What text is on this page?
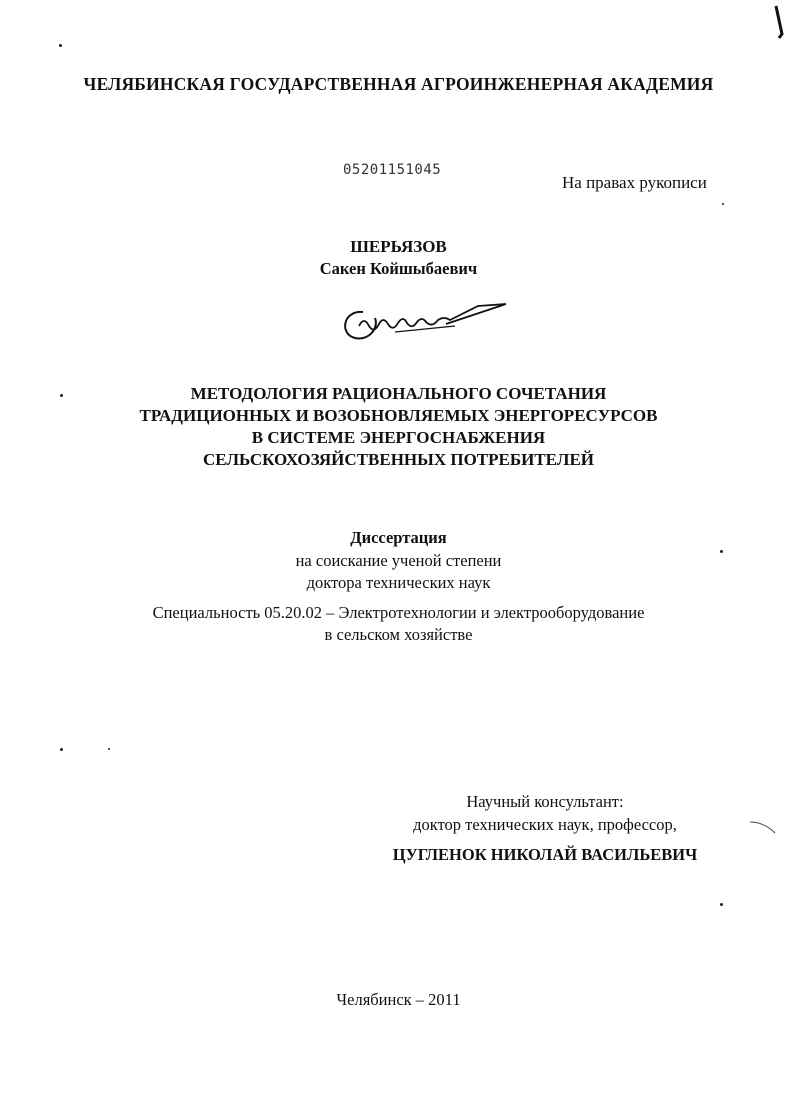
ЧЕЛЯБИНСКАЯ ГОСУДАРСТВЕННАЯ АГРОИНЖЕНЕРНАЯ АКАДЕМИЯ
05201151045
На правах рукописи
ШЕРЬЯЗОВ
Сакен Койшыбаевич
МЕТОДОЛОГИЯ РАЦИОНАЛЬНОГО СОЧЕТАНИЯ
ТРАДИЦИОННЫХ И ВОЗОБНОВЛЯЕМЫХ ЭНЕРГОРЕСУРСОВ
В СИСТЕМЕ ЭНЕРГОСНАБЖЕНИЯ
СЕЛЬСКОХОЗЯЙСТВЕННЫХ ПОТРЕБИТЕЛЕЙ
Диссертация
на соискание ученой степени
доктора технических наук
Специальность 05.20.02 – Электротехнологии и электрооборудование
в сельском хозяйстве
Научный консультант:
доктор технических наук, профессор,
ЦУГЛЕНОК НИКОЛАЙ ВАСИЛЬЕВИЧ
Челябинск – 2011
